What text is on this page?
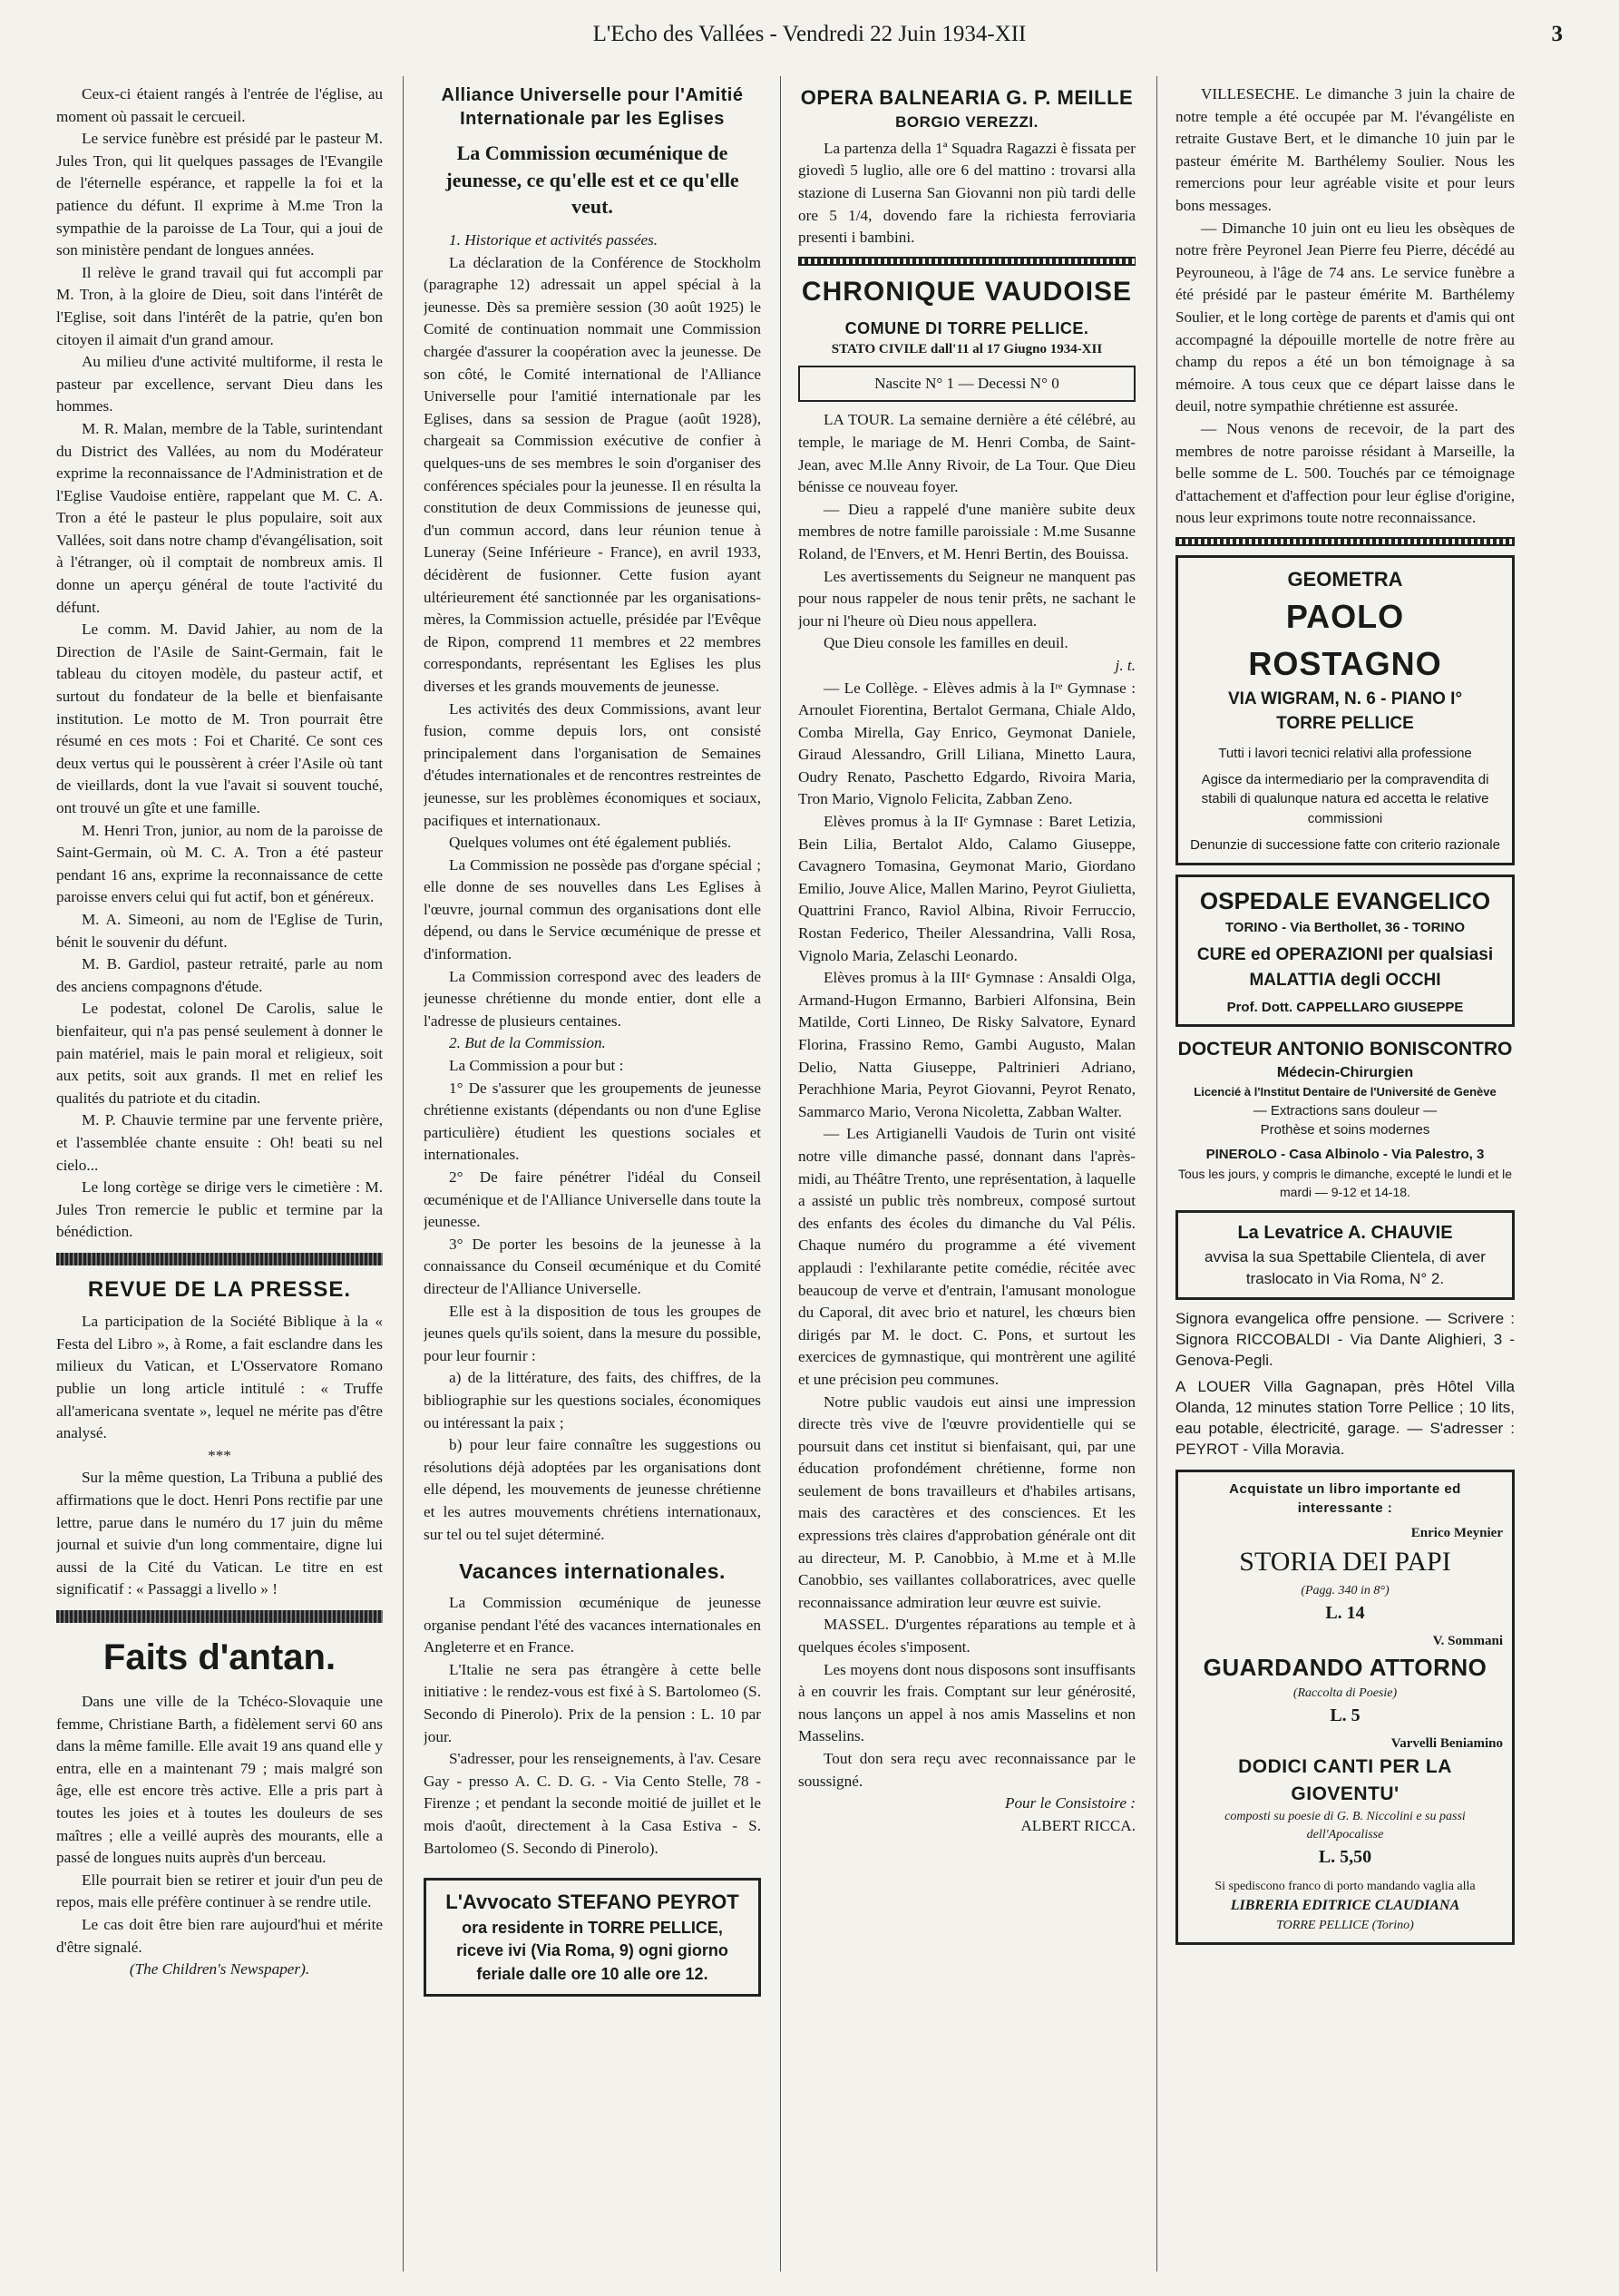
L'Echo des Vallées - Vendredi 22 Juin 1934-XII	3

Ceux-ci étaient rangés à l'entrée de l'église, au moment où passait le cercueil.

Le service funèbre est présidé par le pasteur M. Jules Tron, qui lit quelques passages de l'Evangile de l'éternelle espérance, et rappelle la foi et la patience du défunt. Il exprime à M.me Tron la sympathie de la paroisse de La Tour, qui a joui de son ministère pendant de longues années.

Il relève le grand travail qui fut accompli par M. Tron, à la gloire de Dieu, soit dans l'intérêt de l'Eglise, soit dans l'intérêt de la patrie, qu'en bon citoyen il aimait d'un grand amour.

Au milieu d'une activité multiforme, il resta le pasteur par excellence, servant Dieu dans les hommes.

M. R. Malan, membre de la Table, surintendant du District des Vallées, au nom du Modérateur exprime la reconnaissance de l'Administration et de l'Eglise Vaudoise entière, rappelant que M. C. A. Tron a été le pasteur le plus populaire, soit aux Vallées, soit dans notre champ d'évangélisation, soit à l'étranger, où il comptait de nombreux amis. Il donne un aperçu général de toute l'activité du défunt.

Le comm. M. David Jahier, au nom de la Direction de l'Asile de Saint-Germain, fait le tableau du citoyen modèle, du pasteur actif, et surtout du fondateur de la belle et bienfaisante institution. Le motto de M. Tron pourrait être résumé en ces mots : Foi et Charité. Ce sont ces deux vertus qui le poussèrent à créer l'Asile où tant de vieillards, dont la vue l'avait si souvent touché, ont trouvé un gîte et une famille.

M. Henri Tron, junior, au nom de la paroisse de Saint-Germain, où M. C. A. Tron a été pasteur pendant 16 ans, exprime la reconnaissance de cette paroisse envers celui qui fut actif, bon et généreux.

M. A. Simeoni, au nom de l'Eglise de Turin, bénit le souvenir du défunt.

M. B. Gardiol, pasteur retraité, parle au nom des anciens compagnons d'étude.

Le podestat, colonel De Carolis, salue le bienfaiteur, qui n'a pas pensé seulement à donner le pain matériel, mais le pain moral et religieux, soit aux petits, soit aux grands. Il met en relief les qualités du patriote et du citadin.

M. P. Chauvie termine par une fervente prière, et l'assemblée chante ensuite : Oh! beati su nel cielo...

Le long cortège se dirige vers le cimetière : M. Jules Tron remercie le public et termine par la bénédiction.

REVUE DE LA PRESSE.

La participation de la Société Biblique à la « Festa del Libro », à Rome, a fait esclandre dans les milieux du Vatican, et L'Osservatore Romano publie un long article intitulé : « Truffe all'americana sventate », lequel ne mérite pas d'être analysé.

***

Sur la même question, La Tribuna a publié des affirmations que le doct. Henri Pons rectifie par une lettre, parue dans le numéro du 17 juin du même journal et suivie d'un long commentaire, digne lui aussi de la Cité du Vatican. Le titre en est significatif : « Passaggi a livello » !

Faits d'antan.

Dans une ville de la Tchéco-Slovaquie une femme, Christiane Barth, a fidèlement servi 60 ans dans la même famille. Elle avait 19 ans quand elle y entra, elle en a maintenant 79 ; mais malgré son âge, elle est encore très active. Elle a pris part à toutes les joies et à toutes les douleurs de ses maîtres ; elle a veillé auprès des mourants, elle a passé de longues nuits auprès d'un berceau.

Elle pourrait bien se retirer et jouir d'un peu de repos, mais elle préfère continuer à se rendre utile.

Le cas doit être bien rare aujourd'hui et mérite d'être signalé.

(The Children's Newspaper).

Alliance Universelle pour l'Amitié Internationale par les Eglises
La Commission œcuménique de jeunesse, ce qu'elle est et ce qu'elle veut.

1. Historique et activités passées.

La déclaration de la Conférence de Stockholm (paragraphe 12) adressait un appel spécial à la jeunesse. Dès sa première session (30 août 1925) le Comité de continuation nommait une Commission chargée d'assurer la coopération avec la jeunesse. De son côté, le Comité international de l'Alliance Universelle pour l'amitié internationale par les Eglises, dans sa session de Prague (août 1928), chargeait sa Commission exécutive de confier à quelques-uns de ses membres le soin d'organiser des conférences spéciales pour la jeunesse. Il en résulta la constitution de deux Commissions de jeunesse qui, d'un commun accord, dans leur réunion tenue à Luneray (Seine Inférieure - France), en avril 1933, décidèrent de fusionner. Cette fusion ayant ultérieurement été sanctionnée par les organisations-mères, la Commission actuelle, présidée par l'Evêque de Ripon, comprend 11 membres et 22 membres correspondants, représentant les Eglises les plus diverses et les grands mouvements de jeunesse.

Les activités des deux Commissions, avant leur fusion, comme depuis lors, ont consisté principalement dans l'organisation de Semaines d'études internationales et de rencontres restreintes de jeunesse, sur les problèmes économiques et sociaux, pacifiques et internationaux.

Quelques volumes ont été également publiés.

La Commission ne possède pas d'organe spécial ; elle donne de ses nouvelles dans Les Eglises à l'œuvre, journal commun des organisations dont elle dépend, ou dans le Service œcuménique de presse et d'information.

La Commission correspond avec des leaders de jeunesse chrétienne du monde entier, dont elle a l'adresse de plusieurs centaines.

2. But de la Commission.

La Commission a pour but :

1° De s'assurer que les groupements de jeunesse chrétienne existants (dépendants ou non d'une Eglise particulière) étudient les questions sociales et internationales.

2° De faire pénétrer l'idéal du Conseil œcuménique et de l'Alliance Universelle dans toute la jeunesse.

3° De porter les besoins de la jeunesse à la connaissance du Conseil œcuménique et du Comité directeur de l'Alliance Universelle.

Elle est à la disposition de tous les groupes de jeunes quels qu'ils soient, dans la mesure du possible, pour leur fournir :

a) de la littérature, des faits, des chiffres, de la bibliographie sur les questions sociales, économiques ou intéressant la paix ;

b) pour leur faire connaître les suggestions ou résolutions déjà adoptées par les organisations dont elle dépend, les mouvements de jeunesse chrétienne et les autres mouvements chrétiens internationaux, sur tel ou tel sujet déterminé.

Vacances internationales.

La Commission œcuménique de jeunesse organise pendant l'été des vacances internationales en Angleterre et en France.

L'Italie ne sera pas étrangère à cette belle initiative : le rendez-vous est fixé à S. Bartolomeo (S. Secondo di Pinerolo). Prix de la pension : L. 10 par jour.

S'adresser, pour les renseignements, à l'av. Cesare Gay - presso A. C. D. G. - Via Cento Stelle, 78 - Firenze ; et pendant la seconde moitié de juillet et le mois d'août, directement à la Casa Estiva - S. Bartolomeo (S. Secondo di Pinerolo).

L'Avvocato STEFANO PEYROT
ora residente in TORRE PELLICE,
riceve ivi (Via Roma, 9) ogni giorno
feriale dalle ore 10 alle ore 12.
OPERA BALNEARIA G. P. MEILLE
BORGIO VEREZZI.

La partenza della 1ª Squadra Ragazzi è fissata per giovedì 5 luglio, alle ore 6 del mattino : trovarsi alla stazione di Luserna San Giovanni non più tardi delle ore 5 1/4, dovendo fare la richiesta ferroviaria presenti i bambini.

CHRONIQUE VAUDOISE
COMUNE DI TORRE PELLICE.
STATO CIVILE dall'11 al 17 Giugno 1934-XII
Nascite N° 1 — Decessi N° 0

LA TOUR. La semaine dernière a été célébré, au temple, le mariage de M. Henri Comba, de Saint-Jean, avec M.lle Anny Rivoir, de La Tour. Que Dieu bénisse ce nouveau foyer.

— Dieu a rappelé d'une manière subite deux membres de notre famille paroissiale : M.me Susanne Roland, de l'Envers, et M. Henri Bertin, des Bouissa.

Les avertissements du Seigneur ne manquent pas pour nous rappeler de nous tenir prêts, ne sachant le jour ni l'heure où Dieu nous appellera.

Que Dieu console les familles en deuil.

j. t.

— Le Collège. - Elèves admis à la Iʳᵉ Gymnase : Arnoulet Fiorentina, Bertalot Germana, Chiale Aldo, Comba Mirella, Gay Enrico, Geymonat Daniele, Giraud Alessandro, Grill Liliana, Minetto Laura, Oudry Renato, Paschetto Edgardo, Rivoira Maria, Tron Mario, Vignolo Felicita, Zabban Zeno.

Elèves promus à la IIᵉ Gymnase : Baret Letizia, Bein Lilia, Bertalot Aldo, Calamo Giuseppe, Cavagnero Tomasina, Geymonat Mario, Giordano Emilio, Jouve Alice, Mallen Marino, Peyrot Giulietta, Quattrini Franco, Raviol Albina, Rivoir Ferruccio, Rostan Federico, Theiler Alessandrina, Valli Rosa, Vignolo Maria, Zelaschi Leonardo.

Elèves promus à la IIIᵉ Gymnase : Ansaldi Olga, Armand-Hugon Ermanno, Barbieri Alfonsina, Bein Matilde, Corti Linneo, De Risky Salvatore, Eynard Florina, Frassino Remo, Gambi Augusto, Malan Delio, Natta Giuseppe, Paltrinieri Adriano, Perachhione Maria, Peyrot Giovanni, Peyrot Renato, Sammarco Mario, Verona Nicoletta, Zabban Walter.

— Les Artigianelli Vaudois de Turin ont visité notre ville dimanche passé, donnant dans l'après-midi, au Théâtre Trento, une représentation, à laquelle a assisté un public très nombreux, composé surtout des enfants des écoles du dimanche du Val Pélis. Chaque numéro du programme a été vivement applaudi : l'exhilarante petite comédie, récitée avec beaucoup de verve et d'entrain, l'amusant monologue du Caporal, dit avec brio et naturel, les chœurs bien dirigés par M. le doct. C. Pons, et surtout les exercices de gymnastique, qui montrèrent une agilité et une précision peu communes.

Notre public vaudois eut ainsi une impression directe très vive de l'œuvre providentielle qui se poursuit dans cet institut si bienfaisant, qui, par une éducation profondément chrétienne, forme non seulement de bons travailleurs et d'habiles artisans, mais des caractères et des consciences. Et les expressions très claires d'approbation générale ont dit au directeur, M. P. Canobbio, à M.me et à M.lle Canobbio, ses vaillantes collaboratrices, avec quelle reconnaissance admiration leur œuvre est suivie.

MASSEL. D'urgentes réparations au temple et à quelques écoles s'imposent.

Les moyens dont nous disposons sont insuffisants à en couvrir les frais. Comptant sur leur générosité, nous lançons un appel à nos amis Masselins et non Masselins.

Tout don sera reçu avec reconnaissance par le soussigné.

Pour le Consistoire :

ALBERT RICCA.

VILLESECHE. Le dimanche 3 juin la chaire de notre temple a été occupée par M. l'évangéliste en retraite Gustave Bert, et le dimanche 10 juin par le pasteur émérite M. Barthélemy Soulier. Nous les remercions pour leur agréable visite et pour leurs bons messages.

— Dimanche 10 juin ont eu lieu les obsèques de notre frère Peyronel Jean Pierre feu Pierre, décédé au Peyrouneou, à l'âge de 74 ans. Le service funèbre a été présidé par le pasteur émérite M. Barthélemy Soulier, et le long cortège de parents et d'amis qui ont accompagné la dépouille mortelle de notre frère au champ du repos a été un bon témoignage à sa mémoire. A tous ceux que ce départ laisse dans le deuil, notre sympathie chrétienne est assurée.

— Nous venons de recevoir, de la part des membres de notre paroisse résidant à Marseille, la belle somme de L. 500. Touchés par ce témoignage d'attachement et d'affection pour leur église d'origine, nous leur exprimons toute notre reconnaissance.

GEOMETRA
PAOLO ROSTAGNO
VIA WIGRAM, N. 6 - PIANO I°
TORRE PELLICE
Tutti i lavori tecnici relativi alla professione
Agisce da intermediario per la compravendita di stabili di qualunque natura ed accetta le relative commissioni
Denunzie di successione fatte con criterio razionale
OSPEDALE EVANGELICO
TORINO - Via Berthollet, 36 - TORINO
CURE ed OPERAZIONI per qualsiasi MALATTIA degli OCCHI
Prof. Dott. CAPPELLARO GIUSEPPE
DOCTEUR ANTONIO BONISCONTRO
Médecin-Chirurgien
Licencié à l'Institut Dentaire de l'Université de Genève
— Extractions sans douleur —
Prothèse et soins modernes
PINEROLO - Casa Albinolo - Via Palestro, 3
Tous les jours, y compris le dimanche, excepté le lundi et le mardi — 9-12 et 14-18.
La Levatrice A. CHAUVIE
avvisa la sua Spettabile Clientela, di aver traslocato in Via Roma, N° 2.
Signora evangelica offre pensione. — Scrivere : Signora RICCOBALDI - Via Dante Alighieri, 3 - Genova-Pegli.
A LOUER Villa Gagnapan, près Hôtel Villa Olanda, 12 minutes station Torre Pellice ; 10 lits, eau potable, électricité, garage. — S'adresser : PEYROT - Villa Moravia.
Acquistate un libro importante ed interessante :
Enrico Meynier
STORIA DEI PAPI
(Pagg. 340 in 8°)
L. 14
V. Sommani
GUARDANDO ATTORNO
(Raccolta di Poesie)
L. 5
Varvelli Beniamino
DODICI CANTI PER LA GIOVENTU'
composti su poesie di G. B. Niccolini e su passi dell'Apocalisse
L. 5,50
Si spediscono franco di porto mandando vaglia alla
LIBRERIA EDITRICE CLAUDIANA
TORRE PELLICE (Torino)
